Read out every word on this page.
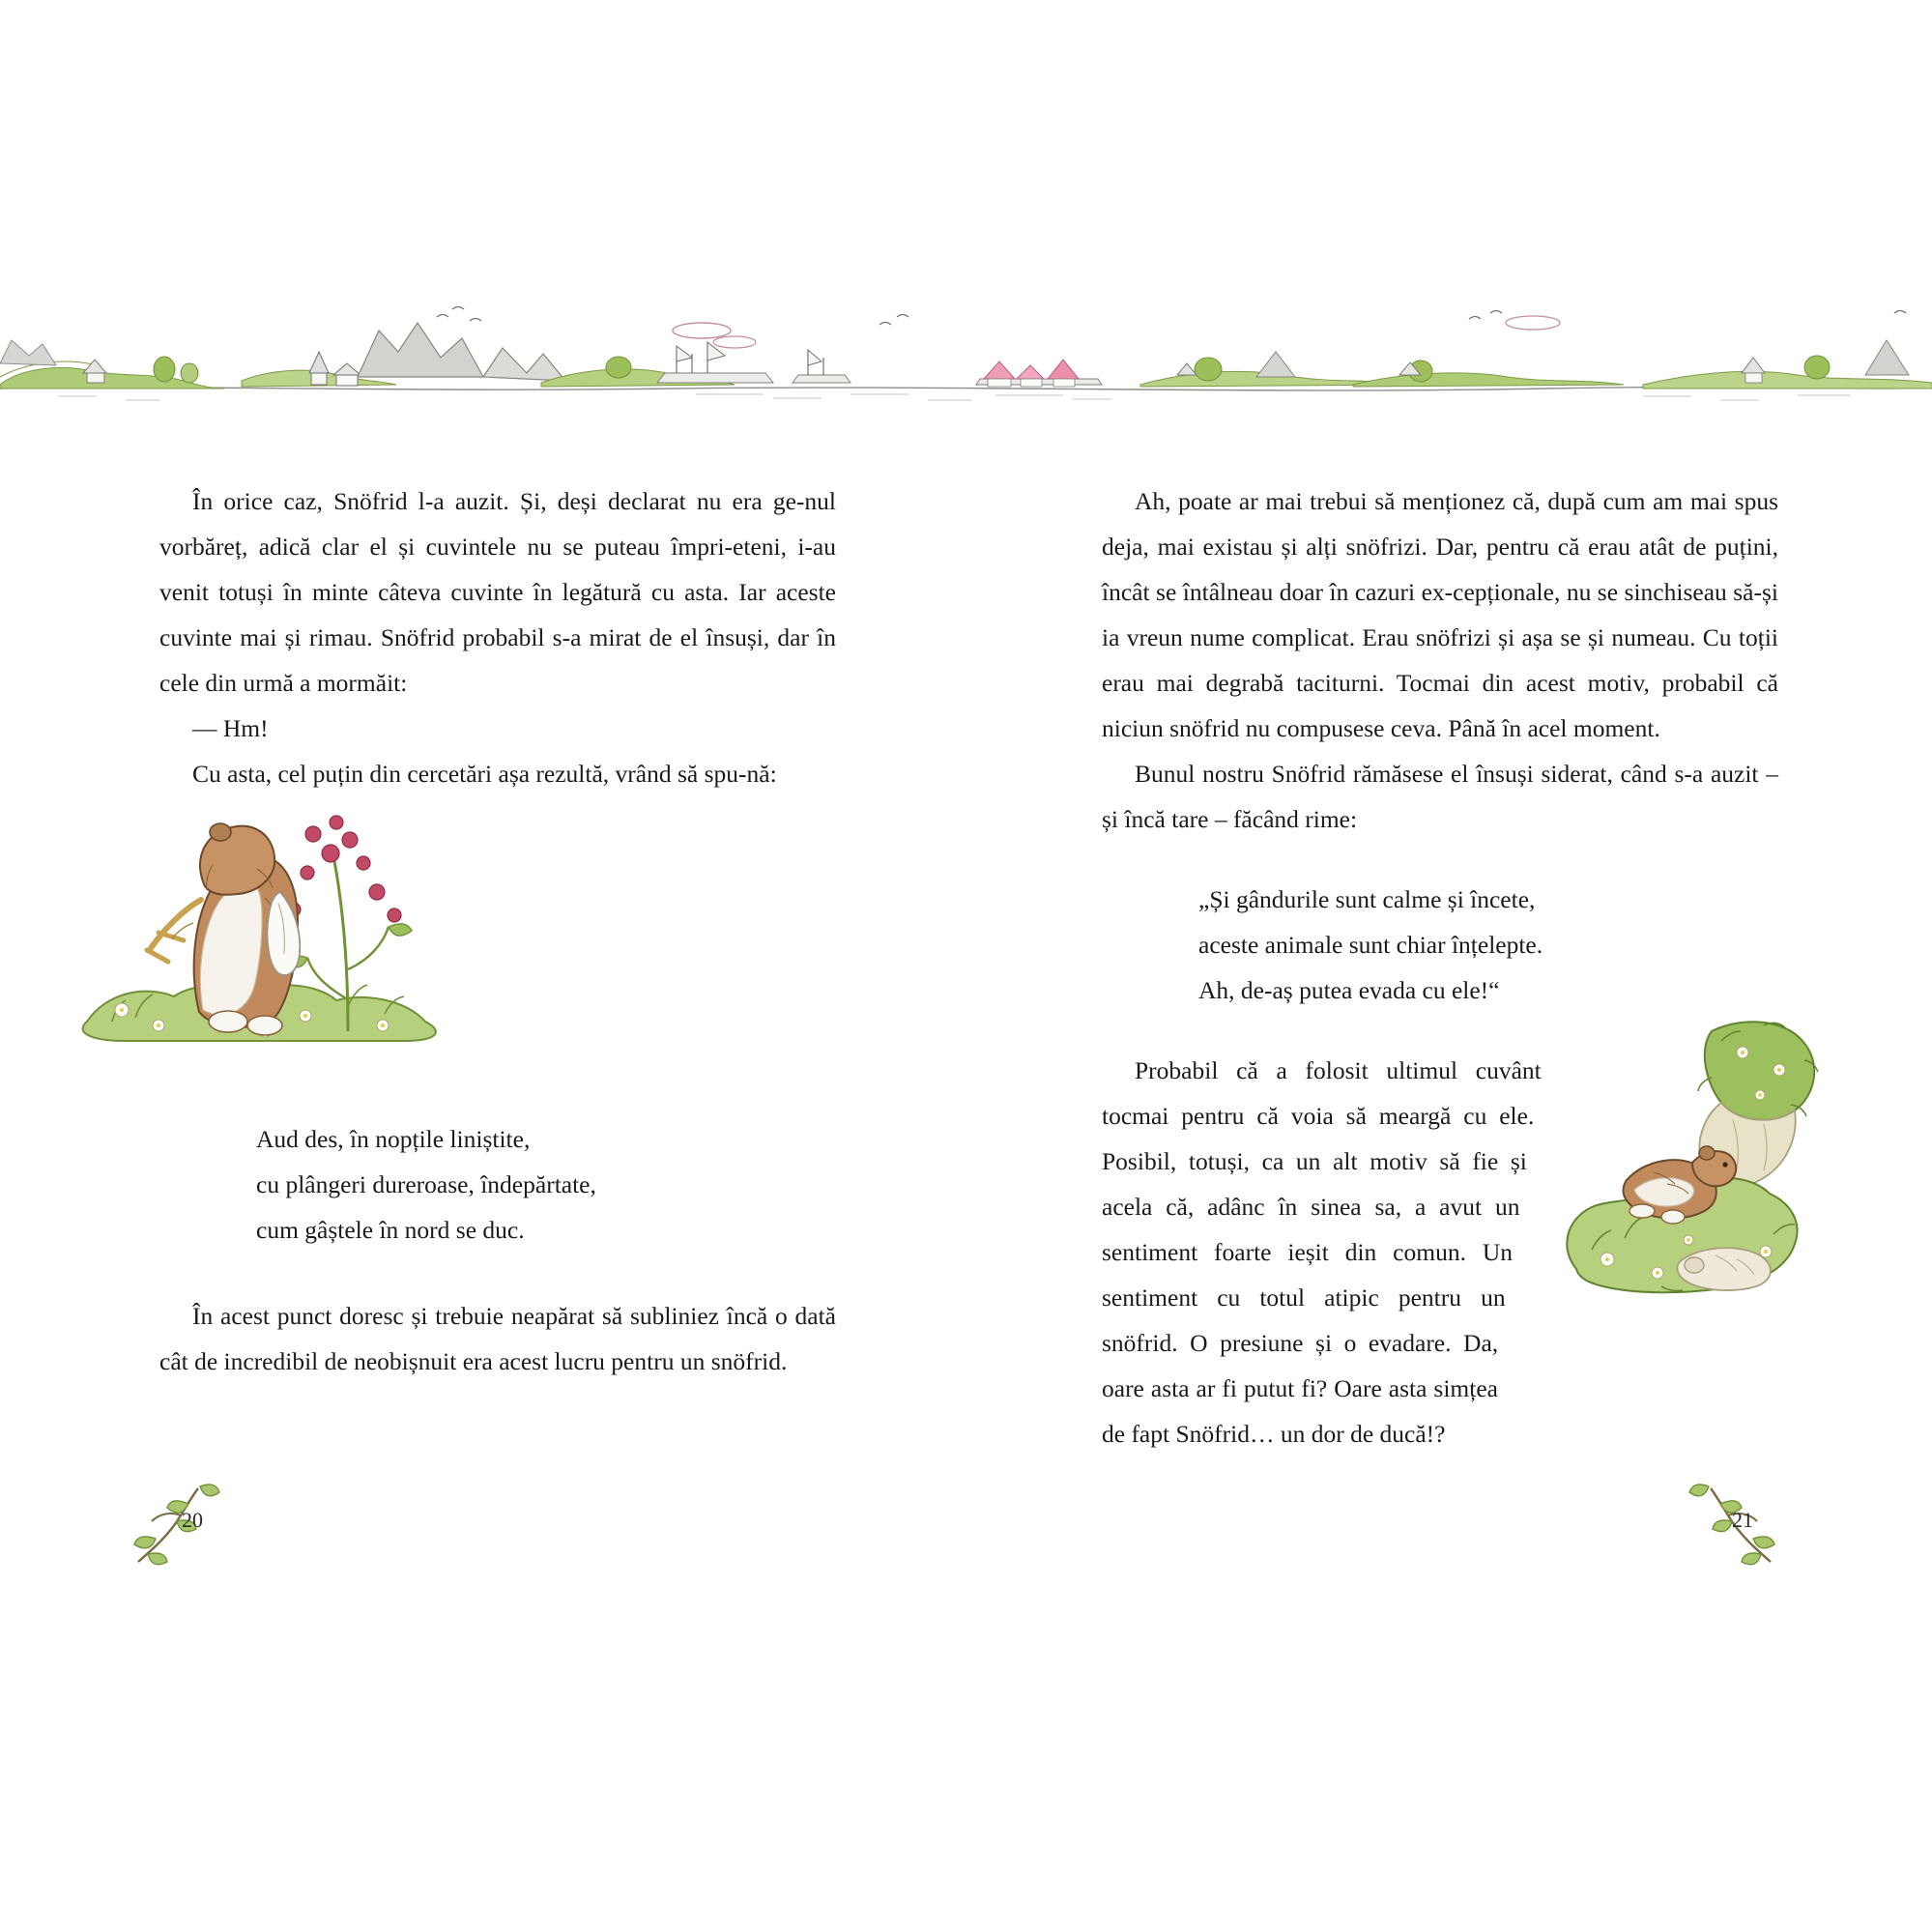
În orice caz, Snöfrid l-a auzit. Și, deși declarat nu era ge-nul vorbăreț, adică clar el și cuvintele nu se puteau împri-eteni, i-au venit totuși în minte câteva cuvinte în legătură cu asta. Iar aceste cuvinte mai și rimau. Snöfrid probabil s-a mirat de el însuși, dar în cele din urmă a mormăit:

— Hm!

Cu asta, cel puțin din cercetări așa rezultă, vrând să spu-nă:

Aud des, în nopțile liniștite,
cu plângeri dureroase, îndepărtate,
cum gâștele în nord se duc.

În acest punct doresc și trebuie neapărat să subliniez încă o dată cât de incredibil de neobișnuit era acest lucru pentru un snöfrid.

Ah, poate ar mai trebui să menționez că, după cum am mai spus deja, mai existau și alți snöfrizi. Dar, pentru că erau atât de puțini, încât se întâlneau doar în cazuri ex-cepționale, nu se sinchiseau să-și ia vreun nume complicat. Erau snöfrizi și așa se și numeau. Cu toții erau mai degrabă taciturni. Tocmai din acest motiv, probabil că niciun snöfrid nu compusese ceva. Până în acel moment.

Bunul nostru Snöfrid rămăsese el însuși siderat, când s-a auzit – și încă tare – făcând rime:

„Și gândurile sunt calme și încete,
aceste animale sunt chiar înțelepte.
Ah, de-aș putea evada cu ele!“

Probabil că a folosit ultimul cuvânt tocmai pentru că voia să meargă cu ele. Posibil, totuși, ca un alt motiv să fie și acela că, adânc în sinea sa, a avut un sentiment foarte ieșit din comun. Un sentiment cu totul atipic pentru un snöfrid. O presiune și o evadare. Da, oare asta ar fi putut fi? Oare asta simțea de fapt Snöfrid… un dor de ducă!?

20	21
